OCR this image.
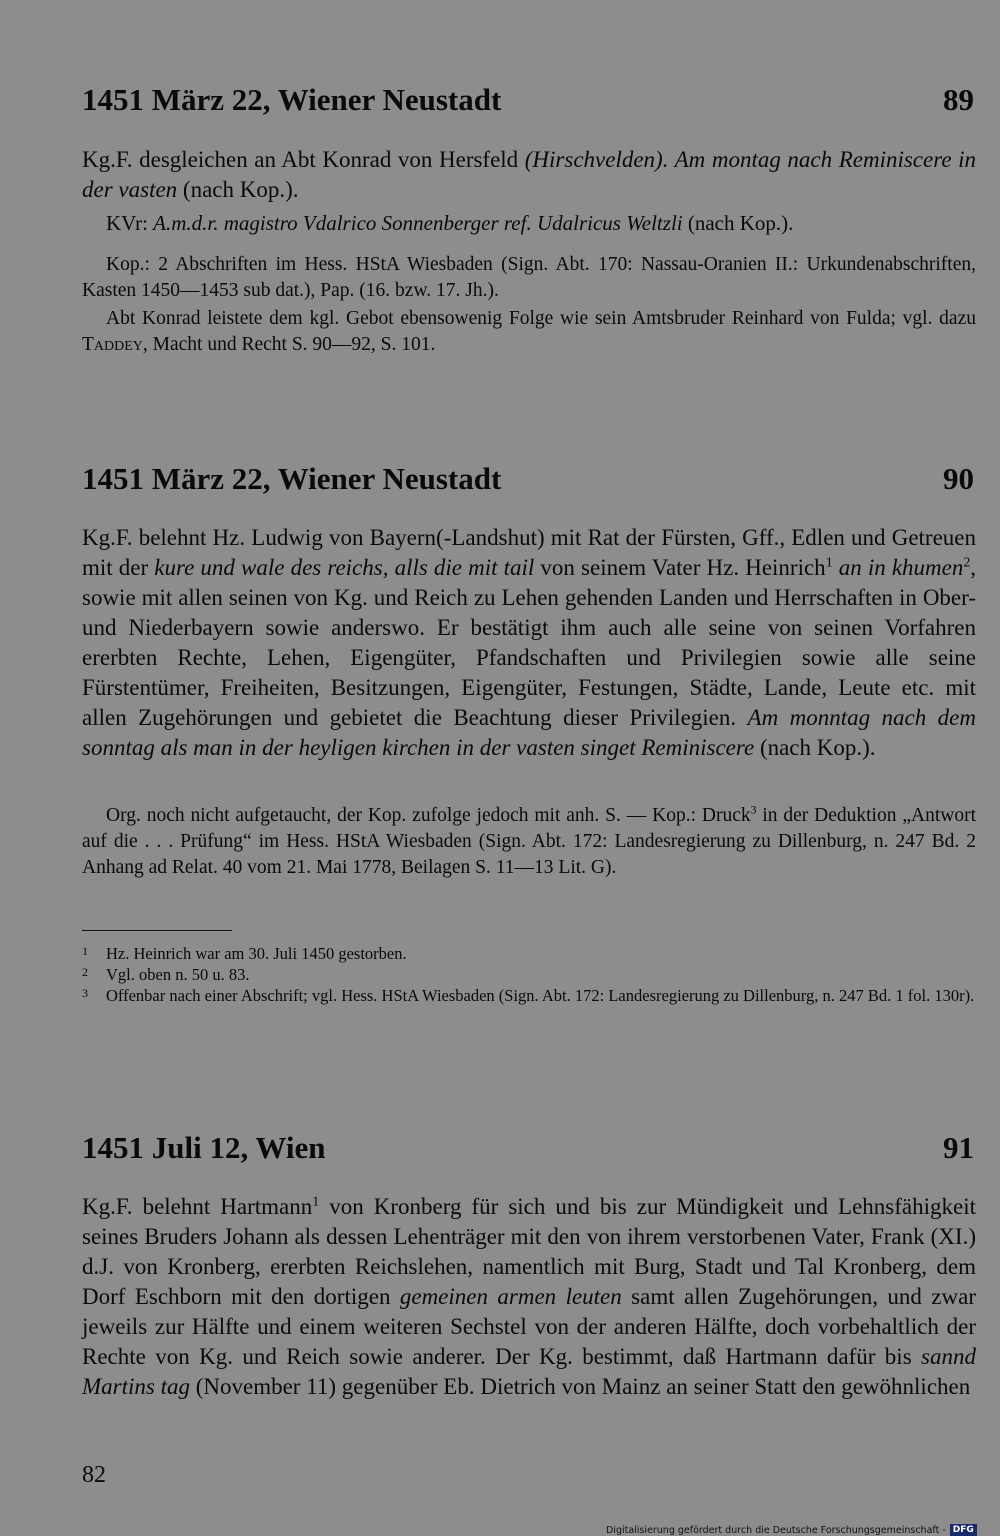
1451 März 22, Wiener Neustadt	89
Kg.F. desgleichen an Abt Konrad von Hersfeld (Hirschvelden). Am montag nach Reminiscere in der vasten (nach Kop.).
KVr: A.m.d.r. magistro Vdalrico Sonnenberger ref. Udalricus Weltzli (nach Kop.).
Kop.: 2 Abschriften im Hess. HStA Wiesbaden (Sign. Abt. 170: Nassau-Oranien II.: Urkundenabschriften, Kasten 1450—1453 sub dat.), Pap. (16. bzw. 17. Jh.).
Abt Konrad leistete dem kgl. Gebot ebensowenig Folge wie sein Amtsbruder Reinhard von Fulda; vgl. dazu Taddey, Macht und Recht S. 90—92, S. 101.
1451 März 22, Wiener Neustadt	90
Kg.F. belehnt Hz. Ludwig von Bayern(-Landshut) mit Rat der Fürsten, Gff., Edlen und Getreuen mit der kure und wale des reichs, alls die mit tail von seinem Vater Hz. Heinrich$^1$ an in khumen$^2$, sowie mit allen seinen von Kg. und Reich zu Lehen gehenden Landen und Herrschaften in Ober- und Niederbayern sowie anderswo. Er bestätigt ihm auch alle seine von seinen Vorfahren ererbten Rechte, Lehen, Eigengüter, Pfandschaften und Privilegien sowie alle seine Fürstentümer, Freiheiten, Besitzungen, Eigengüter, Festungen, Städte, Lande, Leute etc. mit allen Zugehörungen und gebietet die Beachtung dieser Privilegien. Am monntag nach dem sonntag als man in der heyligen kirchen in der vasten singet Reminiscere (nach Kop.).
Org. noch nicht aufgetaucht, der Kop. zufolge jedoch mit anh. S. — Kop.: Druck$^3$ in der Deduktion „Antwort auf die . . . Prüfung“ im Hess. HStA Wiesbaden (Sign. Abt. 172: Landesregierung zu Dillenburg, n. 247 Bd. 2 Anhang ad Relat. 40 vom 21. Mai 1778, Beilagen S. 11—13 Lit. G).
1	Hz. Heinrich war am 30. Juli 1450 gestorben.
2	Vgl. oben n. 50 u. 83.
3	Offenbar nach einer Abschrift; vgl. Hess. HStA Wiesbaden (Sign. Abt. 172: Landesregierung zu Dillenburg, n. 247 Bd. 1 fol. 130r).
1451 Juli 12, Wien	91
Kg.F. belehnt Hartmann$^1$ von Kronberg für sich und bis zur Mündigkeit und Lehnsfähigkeit seines Bruders Johann als dessen Lehenträger mit den von ihrem verstorbenen Vater, Frank (XI.) d.J. von Kronberg, ererbten Reichslehen, namentlich mit Burg, Stadt und Tal Kronberg, dem Dorf Eschborn mit den dortigen gemeinen armen leuten samt allen Zugehörungen, und zwar jeweils zur Hälfte und einem weiteren Sechstel von der anderen Hälfte, doch vorbehaltlich der Rechte von Kg. und Reich sowie anderer. Der Kg. bestimmt, daß Hartmann dafür bis sannd Martins tag (November 11) gegenüber Eb. Dietrich von Mainz an seiner Statt den gewöhnlichen
82
Digitalisierung gefördert durch die Deutsche Forschungsgemeinschaft - DFG
